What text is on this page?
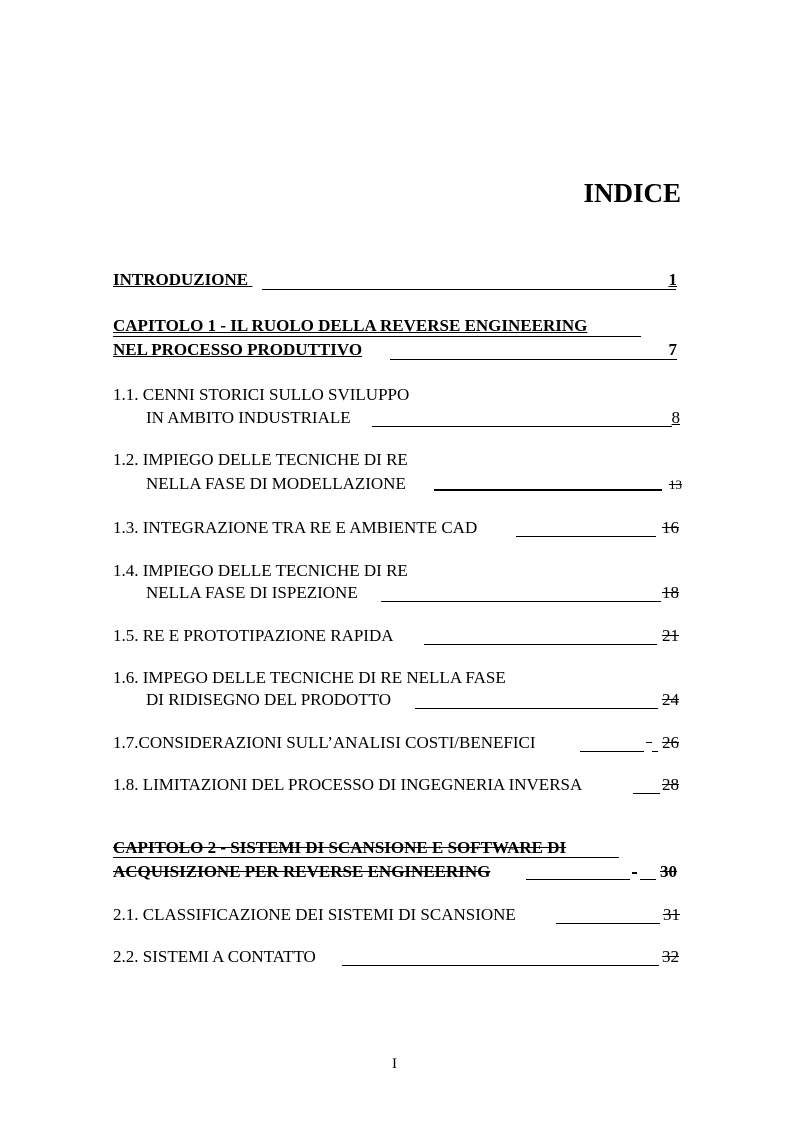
INDICE
INTRODUZIONE	1
CAPITOLO 1 - IL RUOLO DELLA REVERSE ENGINEERING
NEL PROCESSO PRODUTTIVO	7
1.1. CENNI STORICI SULLO SVILUPPO
IN AMBITO INDUSTRIALE	8
1.2. IMPIEGO DELLE TECNICHE DI RE
NELLA FASE DI MODELLAZIONE	13
1.3. INTEGRAZIONE TRA RE E AMBIENTE CAD	16
1.4. IMPIEGO DELLE TECNICHE DI RE
NELLA FASE DI ISPEZIONE	18
1.5. RE E PROTOTIPAZIONE RAPIDA	21
1.6. IMPEGO DELLE TECNICHE DI RE NELLA FASE
DI RIDISEGNO DEL PRODOTTO	24
1.7.CONSIDERAZIONI SULL’ANALISI COSTI/BENEFICI	26
1.8. LIMITAZIONI DEL PROCESSO DI INGEGNERIA INVERSA	28
CAPITOLO 2 - SISTEMI DI SCANSIONE E SOFTWARE DI
ACQUISIZIONE PER REVERSE ENGINEERING	30
2.1. CLASSIFICAZIONE DEI SISTEMI DI SCANSIONE	31
2.2. SISTEMI A CONTATTO	32
I
